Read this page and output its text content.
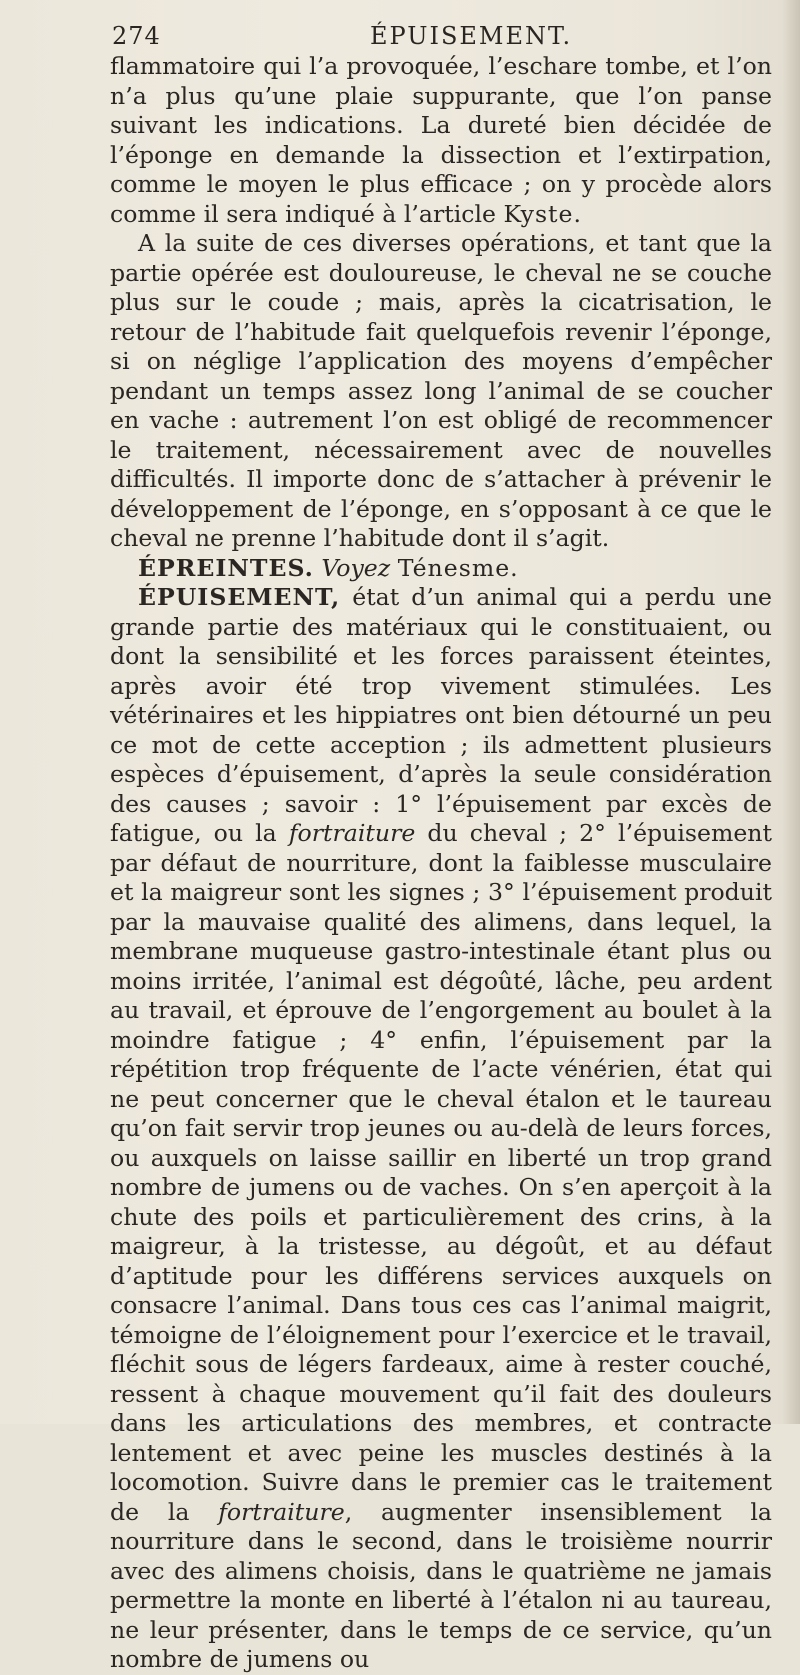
274	ÉPUISEMENT.

flammatoire qui l’a provoquée, l’eschare tombe, et l’on n’a plus qu’une plaie suppurante, que l’on panse suivant les indications. La dureté bien décidée de l’éponge en demande la dissection et l’extirpation, comme le moyen le plus efficace ; on y procède alors comme il sera indiqué à l’article Kyste.

A la suite de ces diverses opérations, et tant que la partie opérée est douloureuse, le cheval ne se couche plus sur le coude ; mais, après la cicatrisation, le retour de l’habitude fait quelquefois revenir l’éponge, si on néglige l’application des moyens d’empêcher pendant un temps assez long l’animal de se coucher en vache : autrement l’on est obligé de recommencer le traitement, nécessairement avec de nouvelles difficultés. Il importe donc de s’attacher à prévenir le développement de l’éponge, en s’opposant à ce que le cheval ne prenne l’habitude dont il s’agit.

ÉPREINTES. Voyez Ténesme.

ÉPUISEMENT, état d’un animal qui a perdu une grande partie des matériaux qui le constituaient, ou dont la sensibilité et les forces paraissent éteintes, après avoir été trop vivement stimulées. Les vétérinaires et les hippiatres ont bien détourné un peu ce mot de cette acception ; ils admettent plusieurs espèces d’épuisement, d’après la seule considération des causes ; savoir : 1° l’épuisement par excès de fatigue, ou la fortraiture du cheval ; 2° l’épuisement par défaut de nourriture, dont la faiblesse musculaire et la maigreur sont les signes ; 3° l’épuisement produit par la mauvaise qualité des alimens, dans lequel, la membrane muqueuse gastro-intestinale étant plus ou moins irritée, l’animal est dégoûté, lâche, peu ardent au travail, et éprouve de l’engorgement au boulet à la moindre fatigue ; 4° enfin, l’épuisement par la répétition trop fréquente de l’acte vénérien, état qui ne peut concerner que le cheval étalon et le taureau qu’on fait servir trop jeunes ou au-delà de leurs forces, ou auxquels on laisse saillir en liberté un trop grand nombre de jumens ou de vaches. On s’en aperçoit à la chute des poils et particulièrement des crins, à la maigreur, à la tristesse, au dégoût, et au défaut d’aptitude pour les différens services auxquels on consacre l’animal. Dans tous ces cas l’animal maigrit, témoigne de l’éloignement pour l’exercice et le travail, fléchit sous de légers fardeaux, aime à rester couché, ressent à chaque mouvement qu’il fait des douleurs dans les articulations des membres, et contracte lentement et avec peine les muscles destinés à la locomotion. Suivre dans le premier cas le traitement de la fortraiture, augmenter insensiblement la nourriture dans le second, dans le troisième nourrir avec des alimens choisis, dans le quatrième ne jamais permettre la monte en liberté à l’étalon ni au taureau, ne leur présenter, dans le temps de ce service, qu’un nombre de jumens ou
